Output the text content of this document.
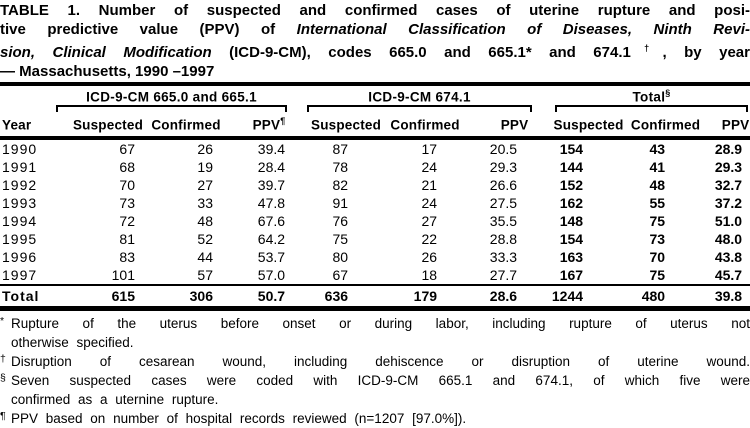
TABLE 1. Number of suspected and confirmed cases of uterine rupture and posi-
tive predictive value (PPV) of International Classification of Diseases, Ninth Revi-
sion, Clinical Modification (ICD-9-CM), codes 665.0 and 665.1* and 674.1†, by year
— Massachusetts, 1990 –1997

	ICD-9-CM 665.0 and 665.1			ICD-9-CM 674.1			Total§

Year	Suspected	Confirmed	PPV¶	Suspected	Confirmed	PPV	Suspected	Confirmed	PPV
1990	67	26	39.4	87	17	20.5	154	43	28.9
1991	68	19	28.4	78	24	29.3	144	41	29.3
1992	70	27	39.7	82	21	26.6	152	48	32.7
1993	73	33	47.8	91	24	27.5	162	55	37.2
1994	72	48	67.6	76	27	35.5	148	75	51.0
1995	81	52	64.2	75	22	28.8	154	73	48.0
1996	83	44	53.7	80	26	33.3	163	70	43.8
1997	101	57	57.0	67	18	27.7	167	75	45.7
Total	615	306	50.7	636	179	28.6	1244	480	39.8
* Rupture of the uterus before onset or during labor, including rupture of uterus not
otherwise specified.
† Disruption of cesarean wound, including dehiscence or disruption of uterine wound.
§ Seven suspected cases were coded with ICD-9-CM 665.1 and 674.1, of which five were
confirmed as a uternine rupture.
¶ PPV based on number of hospital records reviewed (n=1207 [97.0%]).
